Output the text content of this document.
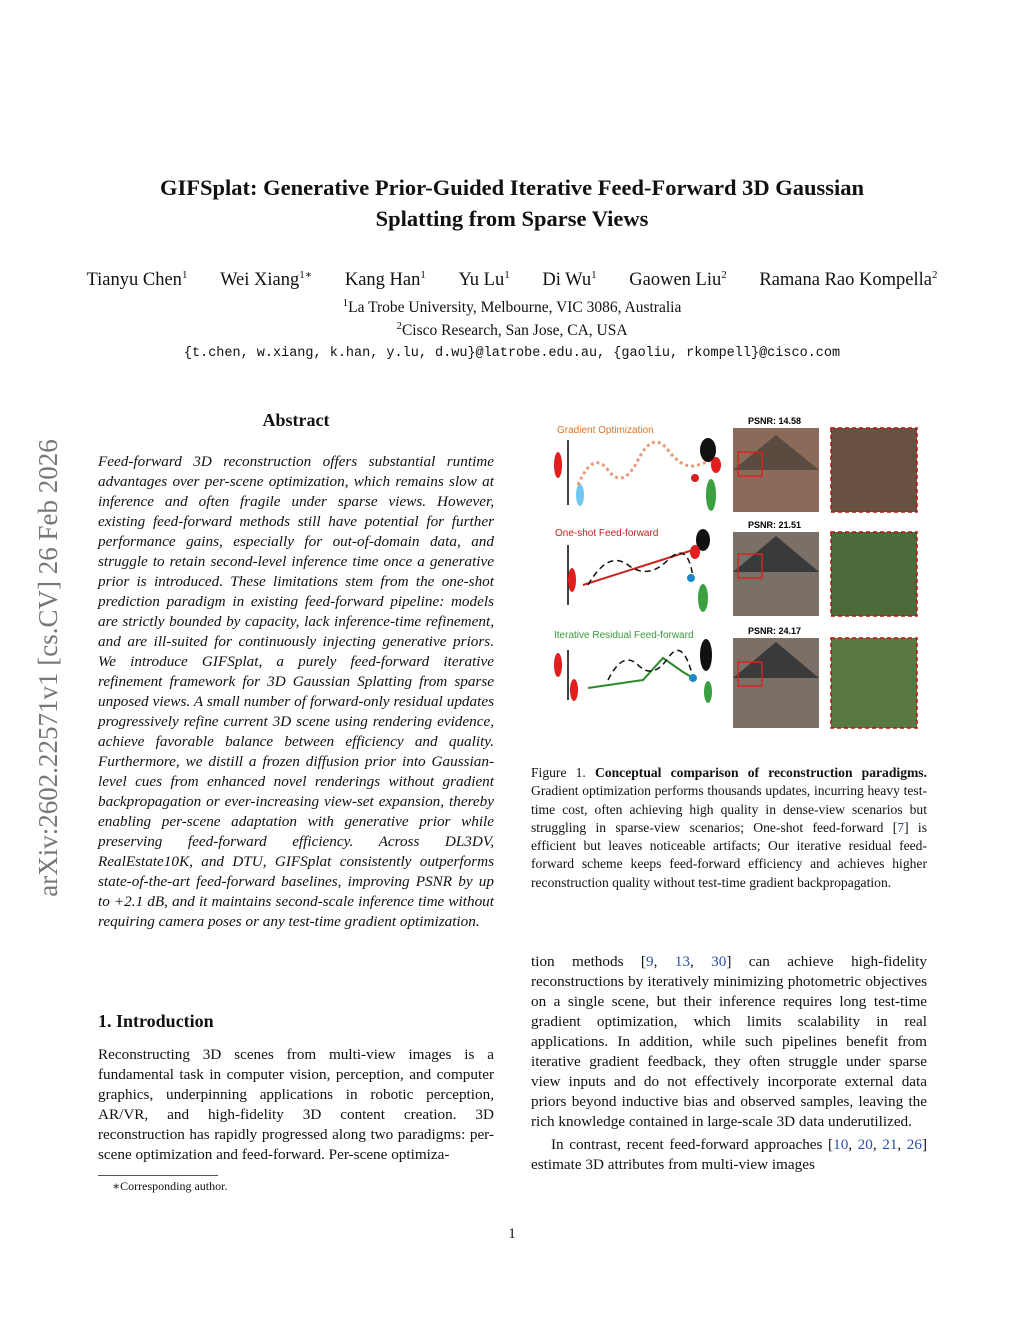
GIFSplat: Generative Prior-Guided Iterative Feed-Forward 3D Gaussian
Splatting from Sparse Views
Tianyu Chen$^1$ Wei Xiang$^{1∗}$ Kang Han$^1$ Yu Lu$^1$ Di Wu$^1$ Gaowen Liu$^2$ Ramana Rao Kompella$^2$
$^1$La Trobe University, Melbourne, VIC 3086, Australia
$^2$Cisco Research, San Jose, CA, USA
{t.chen, w.xiang, k.han, y.lu, d.wu}@latrobe.edu.au, {gaoliu, rkompell}@cisco.com
arXiv:2602.22571v1 [cs.CV] 26 Feb 2026
Abstract
Feed-forward 3D reconstruction offers substantial runtime advantages over per-scene optimization, which remains slow at inference and often fragile under sparse views. However, existing feed-forward methods still have potential for further performance gains, especially for out-of-domain data, and struggle to retain second-level inference time once a generative prior is introduced. These limitations stem from the one-shot prediction paradigm in existing feed-forward pipeline: models are strictly bounded by capacity, lack inference-time refinement, and are ill-suited for continuously injecting generative priors. We introduce GIFSplat, a purely feed-forward iterative refinement framework for 3D Gaussian Splatting from sparse unposed views. A small number of forward-only residual updates progressively refine current 3D scene using rendering evidence, achieve favorable balance between efficiency and quality. Furthermore, we distill a frozen diffusion prior into Gaussian-level cues from enhanced novel renderings without gradient backpropagation or ever-increasing view-set expansion, thereby enabling per-scene adaptation with generative prior while preserving feed-forward efficiency. Across DL3DV, RealEstate10K, and DTU, GIFSplat consistently outperforms state-of-the-art feed-forward baselines, improving PSNR by up to +2.1 dB, and it maintains second-scale inference time without requiring camera poses or any test-time gradient optimization.
1. Introduction
Reconstructing 3D scenes from multi-view images is a fundamental task in computer vision, perception, and computer graphics, underpinning applications in robotic perception, AR/VR, and high-fidelity 3D content creation. 3D reconstruction has rapidly progressed along two paradigms: per-scene optimization and feed-forward. Per-scene optimiza-
∗Corresponding author.
Gradient Optimization
One-shot Feed-forward
Iterative Residual Feed-forward
PSNR: 14.58
PSNR: 21.51
PSNR: 24.17
Figure 1. Conceptual comparison of reconstruction paradigms. Gradient optimization performs thousands updates, incurring heavy test-time cost, often achieving high quality in dense-view scenarios but struggling in sparse-view scenarios; One-shot feed-forward [7] is efficient but leaves noticeable artifacts; Our iterative residual feed-forward scheme keeps feed-forward efficiency and achieves higher reconstruction quality without test-time gradient backpropagation.
tion methods [9, 13, 30] can achieve high-fidelity reconstructions by iteratively minimizing photometric objectives on a single scene, but their inference requires long test-time gradient optimization, which limits scalability in real applications. In addition, while such pipelines benefit from iterative gradient feedback, they often struggle under sparse view inputs and do not effectively incorporate external data priors beyond inductive bias and observed samples, leaving the rich knowledge contained in large-scale 3D data underutilized.
In contrast, recent feed-forward approaches [10, 20, 21, 26] estimate 3D attributes from multi-view images
1
